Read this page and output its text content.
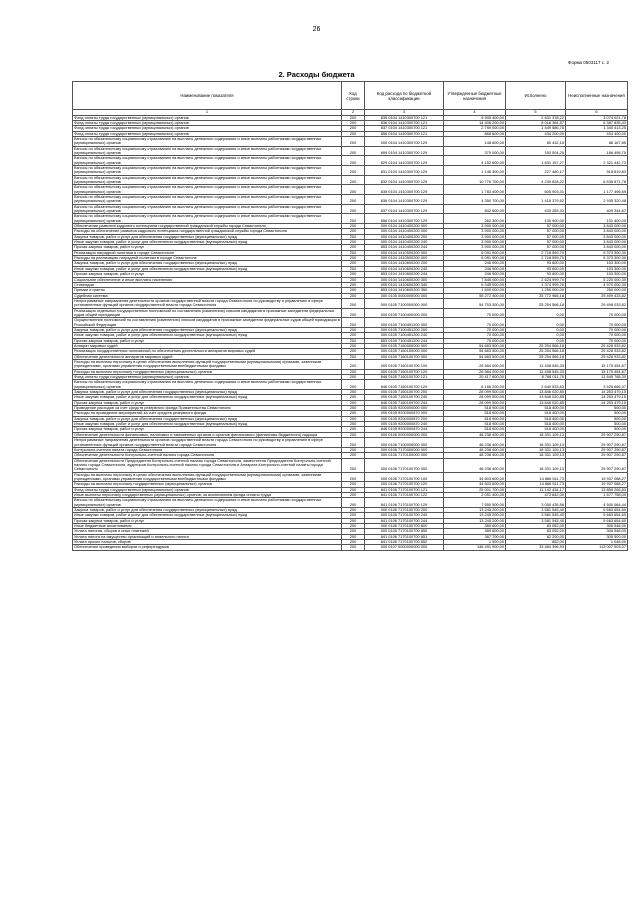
26
Форма 0503117 с. 2
2. Расходы бюджета
Наименование показателя	Код строки	Код расхода по бюджетной классификации	Утвержденные бюджетные назначения	Исполнено	Неисполненные назначения
1	2	3	4	5	6
Фонд оплаты труда государственных (муниципальных) органов	200	835 0104 1410300700 121	5 905 400,00	2 831 378,22	3 074 021,78
Фонд оплаты труда государственных (муниципальных) органов	200	836 0104 1410300700 121	14 406 200,00	8 018 364,57	6 387 835,43
Фонд оплаты труда государственных (муниципальных) органов	200	837 0104 1410300700 121	2 790 000,00	1 449 586,75	1 340 413,25
Фонд оплаты труда государственных (муниципальных) органов	200	856 0104 1410300700 121	868 600,00	434 200,00	434 400,00
Взносы по обязательному социальному страхованию на выплаты денежного содержания и иные выплаты работникам государственных (муниципальных) органов	200	000 0104 1410300700 129	148 600,00	60 432,15	88 167,85
Взносы по обязательному социальному страхованию на выплаты денежного содержания и иные выплаты работникам государственных (муниципальных) органов	200	809 0104 1410300700 129	370 000,00	183 504,25	186 495,75
Взносы по обязательному социальному страхованию на выплаты денежного содержания и иные выплаты работникам государственных (муниципальных) органов	200	829 0104 1410300700 129	4 152 600,00	1 831 157,27	2 321 442,73
Взносы по обязательному социальному страхованию на выплаты денежного содержания и иные выплаты работникам государственных (муниципальных) органов	200	831 0104 1410300700 129	1 146 300,00	227 480,17	918 819,83
Взносы по обязательному социальному страхованию на выплаты денежного содержания и иные выплаты работникам государственных (муниципальных) органов	200	832 0104 1410300700 129	10 776 700,00	4 240 828,22	6 535 871,78
Взносы по обязательному социальному страхованию на выплаты денежного содержания и иные выплаты работникам государственных (муниципальных) органов	200	835 0104 1410300700 129	1 783 400,00	605 903,31	1 177 496,69
Взносы по обязательному социальному страхованию на выплаты денежного содержания и иные выплаты работникам государственных (муниципальных) органов	200	836 0104 1410300700 129	4 350 700,00	1 415 379,52	2 935 320,48
Взносы по обязательному социальному страхованию на выплаты денежного содержания и иные выплаты работникам государственных (муниципальных) органов	200	837 0104 1410300700 129	842 600,00	433 255,33	409 344,67
Взносы по обязательному социальному страхованию на выплаты денежного содержания и иные выплаты работникам государственных (муниципальных) органов	200	856 0104 1410300700 129	262 300,00	130 900,00	131 400,00
Обеспечение развития кадрового потенциала государственной гражданской службы города Севастополя	200	000 0104 1410400200 000	3 900 000,00	57 000,00	3 843 000,00
Расходы на обеспечение развития кадрового потенциала государственной гражданской службы города Севастополя	200	000 0104 1410400200 000	3 900 000,00	57 000,00	3 843 000,00
Закупка товаров, работ и услуг для обеспечения государственных (муниципальных) нужд	200	000 0104 1410400200 200	3 900 000,00	57 000,00	3 843 000,00
Иные закупки товаров, работ и услуг для обеспечения государственных (муниципальных) нужд	200	000 0104 1410400200 240	3 900 000,00	57 000,00	3 843 000,00
Прочая закупка товаров, работ и услуг	200	853 0104 1410400200 244	3 900 000,00	57 000,00	3 843 000,00
Реализация наградной политики в городе Севастополе	200	000 0104 1410500200 000	6 091 900,00	2 718 599,70	5 373 300,30
Расходы на реализацию наградной политики в городе Севастополе	200	000 0104 1410500200 000	6 091 900,00	2 718 599,70	5 373 300,30
Закупка товаров, работ и услуг для обеспечения государственных (муниципальных) нужд	200	000 0104 1410600200 200	246 900,00	93 600,00	153 300,00
Иные закупки товаров, работ и услуг для обеспечения государственных (муниципальных) нужд	200	000 0104 1410600200 240	246 900,00	93 600,00	153 300,00
Прочая закупка товаров, работ и услуг	200	853 0104 1410600200 244	246 900,00	93 600,00	153 300,00
Социальное обеспечение и иные выплаты населению	200	000 0104 1410600200 300	7 845 000,00	2 624 999,70	5 220 000,30
Стипендии	200	000 0104 1410600200 340	6 345 000,00	1 374 999,70	4 970 000,30
Премии и гранты	200	853 0104 1410600200 350	1 500 000,00	1 250 000,00	250 000,00
Судебная система	200	000 0105 0000000000 000	55 272 400,00	25 772 966,18	29 499 433,82
Непрограммные направления деятельности органов государственной власти города Севастополя по руководству и управлению в сфере установленных функций органов государственной власти города Севастополя	200	000 0105 7100000000 000	54 753 300,00	25 254 566,18	29 498 033,82
Реализация отдельных государственных полномочий по составлению (изменению) списков кандидатов в присяжные заседатели федеральных судов общей юрисдикции	200	000 0105 7100400000 000	70 000,00	0,00	70 000,00
Осуществление полномочий по составлению (изменению) списков кандидатов в присяжные заседатели федеральных судов общей юрисдикции в Российской Федерации	200	000 0105 7100451200 000	70 000,00	0,00	70 000,00
Закупка товаров, работ и услуг для обеспечения государственных (муниципальных) нужд	200	000 0105 7100451200 200	70 000,00	0,00	70 000,00
Иные закупки товаров, работ и услуг для обеспечения государственных (муниципальных) нужд	200	000 0105 7100451200 240	70 000,00	0,00	70 000,00
Прочая закупка товаров, работ и услуг	200	853 0105 7100451200 244	70 000,00	0,00	70 000,00
Аппарат мировых судей	200	000 0105 7160000000 000	54 683 500,00	25 254 566,18	29 428 933,82
Реализация государственных полномочий по обеспечению деятельности аппаратов мировых судей	200	000 0105 7160100000 000	54 683 500,00	25 254 566,18	29 428 933,82
Обеспечение деятельности аппаратов мировых судей	200	000 0105 7160100700 000	54 683 500,00	25 254 566,18	29 428 933,82
Расходы на выплаты персоналу в целях обеспечения выполнения функций государственными (муниципальными) органами, казенными учреждениями, органами управления государственными внебюджетными фондами	200	000 0105 7160100700 100	26 584 000,00	11 408 545,33	15 175 454,67
Расходы на выплаты персоналу государственных (муниципальных) органов	200	000 0105 7160100700 120	26 584 000,00	11 408 545,33	15 175 454,67
Фонд оплаты труда государственных (муниципальных) органов	200	846 0105 7160100700 121	20 417 800,00	8 768 011,70	11 649 788,30
Взносы по обязательному социальному страхованию на выплаты денежного содержания и иные выплаты работникам государственных (муниципальных) органов	200	846 0105 7160100700 129	6 166 200,00	2 640 533,63	3 525 666,37
Закупка товаров, работ и услуг для обеспечения государственных (муниципальных) нужд	200	000 0105 7160100700 200	28 099 500,00	13 846 020,85	14 253 479,15
Иные закупки товаров, работ и услуг для обеспечения государственных (муниципальных) нужд	200	000 0105 7160100700 240	28 099 500,00	13 846 020,85	14 253 479,15
Прочая закупка товаров, работ и услуг	200	846 0105 7160100700 244	28 099 500,00	13 846 020,85	14 253 479,15
Проведение расходов за счет средств резервного фонда Правительства Севастополя	200	000 0105 9200000000 000	518 900,00	518 400,00	500,00
Расходы на проведение мероприятий за счет средств резервного фонда	200	000 0105 9200000870 000	518 900,00	518 400,00	500,00
Закупка товаров, работ и услуг для обеспечения государственных (муниципальных) нужд	200	000 0105 9200000870 200	518 900,00	518 400,00	500,00
Иные закупки товаров, работ и услуг для обеспечения государственных (муниципальных) нужд	200	000 0105 9200000870 240	518 900,00	518 400,00	500,00
Прочая закупка товаров, работ и услуг	200	846 0105 9200000870 244	518 900,00	518 400,00	500,00
Обеспечение деятельности финансовых, налоговых и таможенных органов и органов финансового (финансово-бюджетного) надзора	200	000 0106 0000000000 000	48 238 400,00	18 331 109,13	29 907 290,87
Непрограммные направления деятельности органов государственной власти города Севастополя по руководству и управлению в сфере установленных функций органов государственной власти города Севастополя	200	000 0106 7100000000 000	48 238 400,00	18 331 109,13	29 907 290,87
Контрольно-счетная палата города Севастополя	200	000 0106 7170000000 000	48 238 400,00	18 331 109,13	29 907 290,87
Обеспечение деятельности Контрольно-счетной палаты города Севастополя	200	000 0106 7170100000 000	48 238 400,00	18 331 109,13	29 907 290,87
Обеспечение деятельности Председателя Контрольно-счетной палаты города Севастополя, заместителя Председателя Контрольно-счетной палаты города Севастополя, аудиторов Контрольно-счетной палаты города Севастополя и Аппарата Контрольно-счетной палаты города Севастополя	200	000 0106 7170100700 000	48 238 400,00	18 331 109,13	29 907 290,87
Расходы на выплаты персоналу в целях обеспечения выполнения функций государственными (муниципальными) органами, казенными учреждениями, органами управления государственными внебюджетными фондами	200	000 0106 7170100700 100	34 603 600,00	14 666 511,73	19 937 088,27
Расходы на выплаты персоналу государственных (муниципальных) органов	200	000 0106 7170100700 120	34 603 600,00	14 666 511,73	19 937 088,27
Фонд оплаты труда государственных (муниципальных) органов	200	841 0106 7170100700 121	25 001 700,00	11 142 434,17	13 859 265,83
Иные выплаты персоналу государственных (муниципальных) органов, за исключением фонда оплаты труда	200	841 0106 7170100700 122	2 051 400,00	473 642,00	1 577 758,00
Взносы по обязательному социальному страхованию на выплаты денежного содержания и иные выплаты работникам государственных (муниципальных) органов	200	841 0106 7170100700 129	7 550 500,00	3 050 435,56	4 500 064,44
Закупка товаров, работ и услуг для обеспечения государственных (муниципальных) нужд	200	000 0106 7170100700 200	13 245 200,00	3 581 545,40	9 663 654,60
Иные закупки товаров, работ и услуг для обеспечения государственных (муниципальных) нужд	200	000 0106 7170100700 240	13 245 200,00	3 581 545,40	9 663 654,60
Прочая закупка товаров, работ и услуг	200	841 0106 7170100700 244	13 245 200,00	3 581 545,40	9 663 654,60
Иные бюджетные ассигнования	200	000 0106 7170100700 800	389 600,00	83 052,00	306 548,00
Уплата налогов, сборов и иных платежей	200	000 0106 7170100700 850	389 600,00	83 052,00	306 548,00
Уплата налога на имущество организаций и земельного налога	200	841 0106 7170100700 851	387 700,00	82 200,00	305 500,00
Уплата прочих налогов, сборов	200	841 0106 7170100700 852	1 900,00	852,00	1 048,00
Обеспечение проведения выборов и референдумов	200	000 0107 0000000000 000	146 491 900,00	33 484 396,93	113 007 503,07
